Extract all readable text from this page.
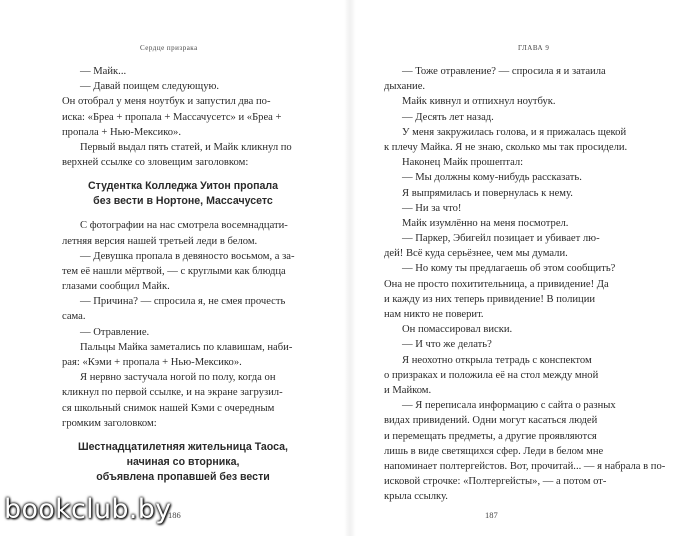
Сердце призрака
— Майк...
— Давай поищем следующую.
Он отобрал у меня ноутбук и запустил два по-
иска: «Брea + пропала + Массачусетс» и «Брea +
пропала + Нью-Мексико».
Первый выдал пять статей, и Майк кликнул по
верхней ссылке со зловещим заголовком:
Студентка Колледжа Уитон пропала
без вести в Нортоне, Массачусетс
С фотографии на нас смотрела восемнадцати-
летняя версия нашей третьей леди в белом.
— Девушка пропала в девяносто восьмом, а за-
тем её нашли мёртвой, — с круглыми как блюдца
глазами сообщил Майк.
— Причина? — спросила я, не смея прочесть
сама.
— Отравление.
Пальцы Майка заметались по клавишам, наби-
рая: «Кэми + пропала + Нью-Мексико».
Я нервно застучала ногой по полу, когда он
кликнул по первой ссылке, и на экране загрузил-
ся школьный снимок нашей Кэми с очередным
громким заголовком:
Шестнадцатилетняя жительница Таоса,
начиная со вторника,
объявлена пропавшей без вести
186
ГЛАВА 9
— Тоже отравление? — спросила я и затаила
дыхание.
Майк кивнул и отпихнул ноутбук.
— Десять лет назад.
У меня закружилась голова, и я прижалась щекой
к плечу Майка. Я не знаю, сколько мы так просидели.
Наконец Майк прошептал:
— Мы должны кому-нибудь рассказать.
Я выпрямилась и повернулась к нему.
— Ни за что!
Майк изумлённо на меня посмотрел.
— Паркер, Эбигейл позицает и убивает лю-
дей! Всё куда серьёзнее, чем мы думали.
— Но кому ты предлагаешь об этом сообщить?
Она не просто похитительница, а привидение! Да
и кажду из них теперь привидение! В полиции
нам никто не поверит.
Он помассировал виски.
— И что же делать?
Я неохотно открыла тетрадь с конспектом
о призраках и положила её на стол между мной
и Майком.
— Я переписала информацию с сайта о разных
видах привидений. Одни могут касаться людей
и перемещать предметы, а другие проявляются
лишь в виде светящихся сфер. Леди в белом мне
напоминает полтергейстов. Вот, прочитай... — я набрала в по-
исковой строчке: «Полтергейсты», — а потом от-
крыла ссылку.
187
bookclub.by
